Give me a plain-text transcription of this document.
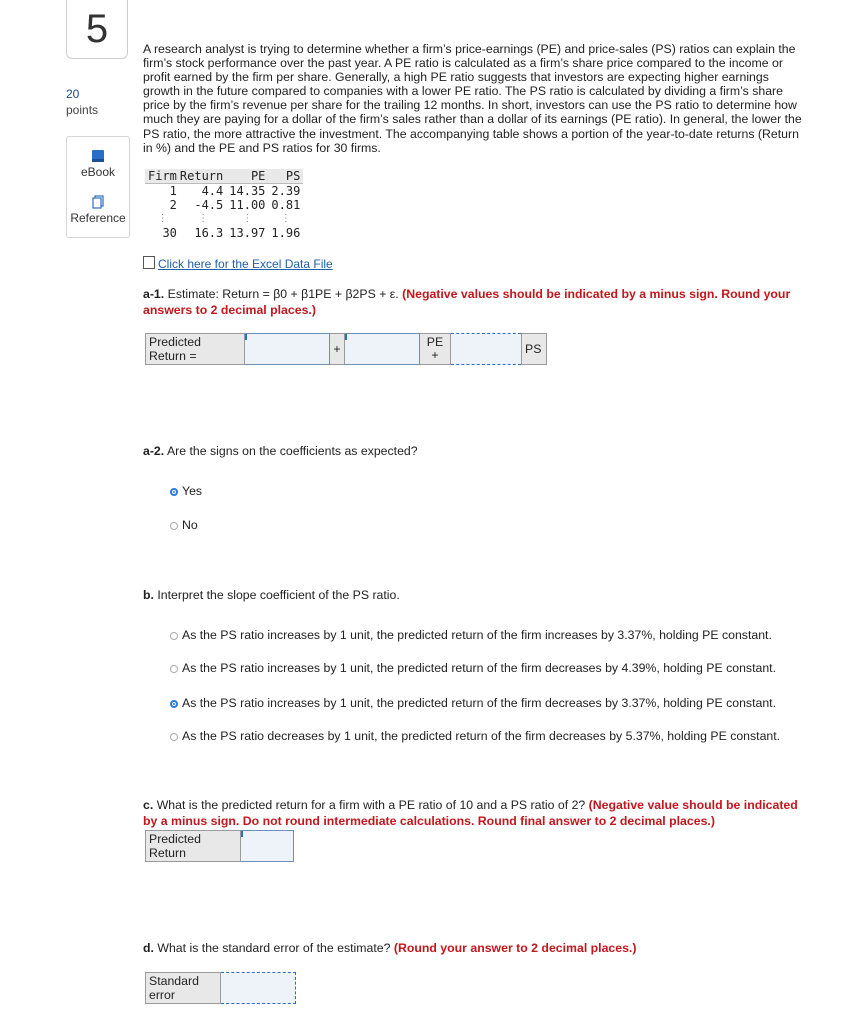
5
20
points
eBook
Reference
A research analyst is trying to determine whether a firm’s price-earnings (PE) and price-sales (PS) ratios can explain the firm’s stock performance over the past year. A PE ratio is calculated as a firm’s share price compared to the income or profit earned by the firm per share. Generally, a high PE ratio suggests that investors are expecting higher earnings growth in the future compared to companies with a lower PE ratio. The PS ratio is calculated by dividing a firm’s share price by the firm’s revenue per share for the trailing 12 months. In short, investors can use the PS ratio to determine how much they are paying for a dollar of the firm’s sales rather than a dollar of its earnings (PE ratio). In general, the lower the PS ratio, the more attractive the investment. The accompanying table shows a portion of the year-to-date returns (Return in %) and the PE and PS ratios for 30 firms.
Firm	Return	PE	PS
1	4.4	14.35	2.39
2	-4.5	11.00	0.81
⋮	⋮	⋮	⋮
30	16.3	13.97	1.96
Click here for the Excel Data File
a-1. Estimate: Return = β0 + β1PE + β2PS + ε. (Negative values should be indicated by a minus sign. Round your answers to 2 decimal places.)
Predicted Return =		+		PE
+		PS
a-2. Are the signs on the coefficients as expected?
Yes
No
b. Interpret the slope coefficient of the PS ratio.
As the PS ratio increases by 1 unit, the predicted return of the firm increases by 3.37%, holding PE constant.
As the PS ratio increases by 1 unit, the predicted return of the firm decreases by 4.39%, holding PE constant.
As the PS ratio increases by 1 unit, the predicted return of the firm decreases by 3.37%, holding PE constant.
As the PS ratio decreases by 1 unit, the predicted return of the firm decreases by 5.37%, holding PE constant.
c. What is the predicted return for a firm with a PE ratio of 10 and a PS ratio of 2? (Negative value should be indicated by a minus sign. Do not round intermediate calculations. Round final answer to 2 decimal places.)
Predicted
Return

d. What is the standard error of the estimate? (Round your answer to 2 decimal places.)
Standard
error
